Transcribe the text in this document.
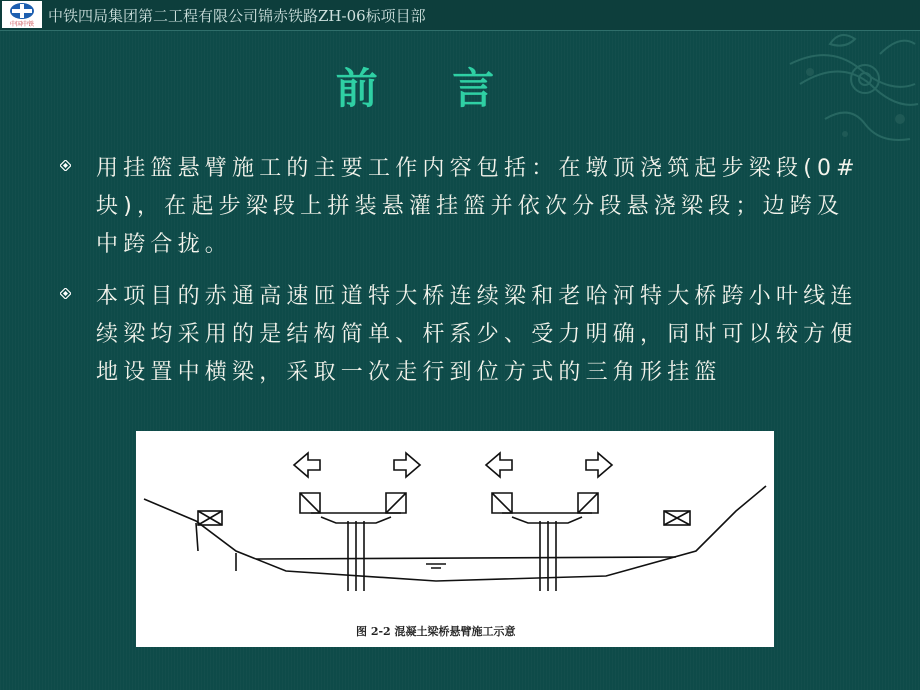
中国中铁 中铁四局集团第二工程有限公司锦赤铁路ZH-06标项目部
前 言
用挂篮悬臂施工的主要工作内容包括：在墩顶浇筑起步梁段(0#块)，在起步梁段上拼装悬灌挂篮并依次分段悬浇梁段；边跨及中跨合拢。
本项目的赤通高速匝道特大桥连续梁和老哈河特大桥跨小叶线连续梁均采用的是结构简单、杆系少、受力明确，同时可以较方便地设置中横梁，采取一次走行到位方式的三角形挂篮
图 2-2 混凝土梁桥悬臂施工示意
